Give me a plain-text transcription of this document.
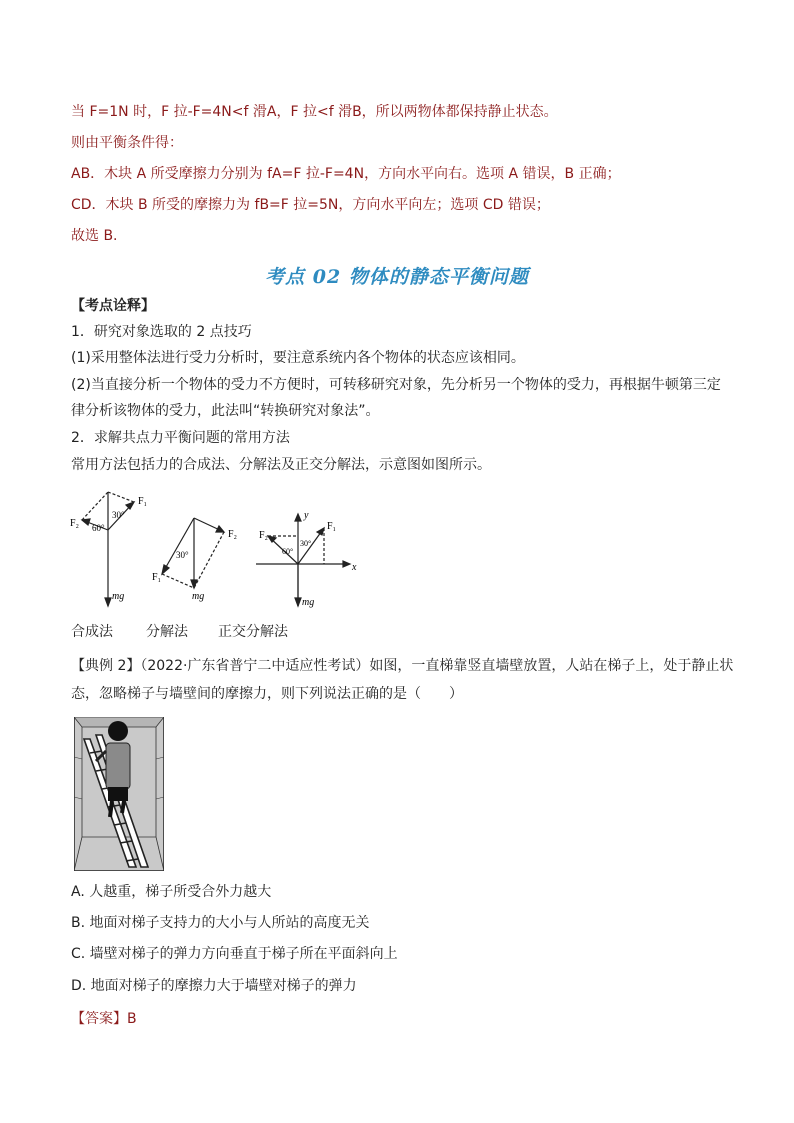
当 F=1N 时，F 拉-F=4N<f 滑A，F 拉<f 滑B，所以两物体都保持静止状态。
则由平衡条件得：
AB．木块 A 所受摩擦力分别为 fA=F 拉-F=4N，方向水平向右。选项 A 错误，B 正确；
CD．木块 B 所受的摩擦力为 fB=F 拉=5N，方向水平向左；选项 CD 错误；
故选 B.
考点 02 物体的静态平衡问题
【考点诠释】
1．研究对象选取的 2 点技巧
(1)采用整体法进行受力分析时，要注意系统内各个物体的状态应该相同。
(2)当直接分析一个物体的受力不方便时，可转移研究对象，先分析另一个物体的受力，再根据牛顿第三定
律分析该物体的受力，此法叫“转换研究对象法”。
2．求解共点力平衡问题的常用方法
常用方法包括力的合成法、分解法及正交分解法，示意图如图所示。
F₁
F₂
30°
60°
mg
F₂
F₁
30°
mg
F₂
F₁
y
x
30°
60°
mg
合成法 分解法 正交分解法
【典例 2】（2022·广东省普宁二中适应性考试）如图，一直梯靠竖直墙壁放置，人站在梯子上，处于静止状
态，忽略梯子与墙壁间的摩擦力，则下列说法正确的是（　　）
A. 人越重，梯子所受合外力越大
B. 地面对梯子支持力的大小与人所站的高度无关
C. 墙壁对梯子的弹力方向垂直于梯子所在平面斜向上
D. 地面对梯子的摩擦力大于墙壁对梯子的弹力
【答案】B
